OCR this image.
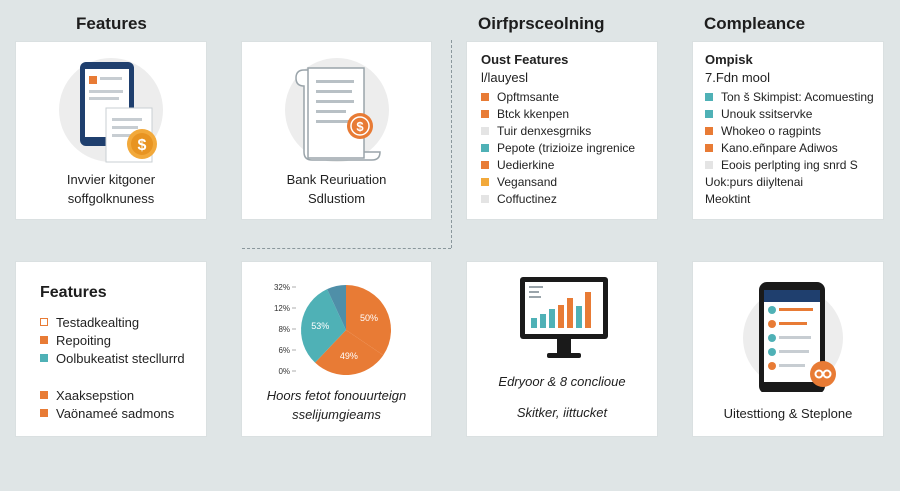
Features	Oirfprsceolning	Compleance
$
Invvier kitgoner
soffgolknuness
$
Bank Reuriuation
Sdlustiom
Oust Features
l/lauyesl
Opftmsante
Btck kkenpen
Tuir denxesgrniks
Pepote (trizioize ingrenice
Uedierkine
Vegansand
Coffuctinez
Ompisk
7.Fdn mool
Ton š Skimpist: Acomuesting
Unouk ssitservke
Whokeo o ragpints
Kano.eñnpare Adiwos
Eoois perlpting ing snrd S
Uok:purs diiyltenai
Meoktint
Features
Testadkealting
Repoiting
Oolbukeatist stecllurrd
Xaaksepstion
Vaönameé sadmons
32%
12%
8%
6%
0%
50%
49%
53%
Hoors fetot fonouurteign
sselijumgieams
Edryoor & 8 conclioue
Skitker, iittucket	Uitesttiong & Steplone
